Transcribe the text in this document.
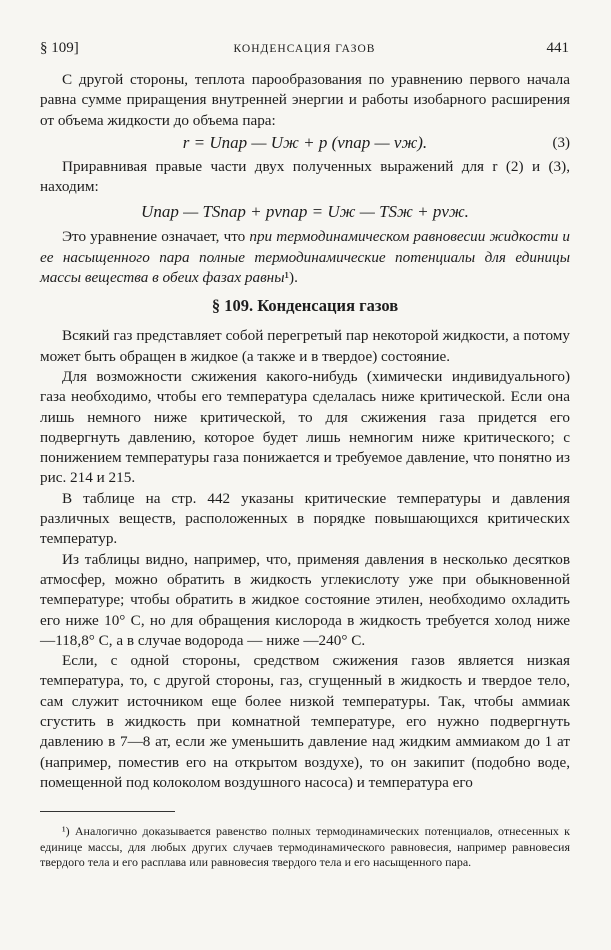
§ 109]	КОНДЕНСАЦИЯ ГАЗОВ	441

С другой стороны, теплота парообразования по уравнению первого начала равна сумме приращения внутренней энергии и работы изобарного расширения от объема жидкости до объема пара:

r = Uпар — Uж + p (vпар — vж).	(3)

Приравнивая правые части двух полученных выражений для r (2) и (3), находим:

Uпар — TSпар + pvпар = Uж — TSж + pvж.

Это уравнение означает, что при термодинамическом равновесии жидкости и ее насыщенного пара полные термодинамические потенциалы для единицы массы вещества в обеих фазах равны¹).

§ 109. Конденсация газов

Всякий газ представляет собой перегретый пар некоторой жидкости, а потому может быть обращен в жидкое (а также и в твердое) состояние.

Для возможности сжижения какого-нибудь (химически индивидуального) газа необходимо, чтобы его температура сделалась ниже критической. Если она лишь немного ниже критической, то для сжижения газа придется его подвергнуть давлению, которое будет лишь немногим ниже критического; с понижением температуры газа понижается и требуемое давление, что понятно из рис. 214 и 215.

В таблице на стр. 442 указаны критические температуры и давления различных веществ, расположенных в порядке повышающихся критических температур.

Из таблицы видно, например, что, применяя давления в несколько десятков атмосфер, можно обратить в жидкость углекислоту уже при обыкновенной температуре; чтобы обратить в жидкое состояние этилен, необходимо охладить его ниже 10° С, но для обращения кислорода в жидкость требуется холод ниже —118,8° С, а в случае водорода — ниже —240° С.

Если, с одной стороны, средством сжижения газов является низкая температура, то, с другой стороны, газ, сгущенный в жидкость и твердое тело, сам служит источником еще более низкой температуры. Так, чтобы аммиак сгустить в жидкость при комнатной температуре, его нужно подвергнуть давлению в 7—8 ат, если же уменьшить давление над жидким аммиаком до 1 ат (например, поместив его на открытом воздухе), то он закипит (подобно воде, помещенной под колоколом воздушного насоса) и температура его

¹) Аналогично доказывается равенство полных термодинамических потенциалов, отнесенных к единице массы, для любых других случаев термодинамического равновесия, например равновесия твердого тела и его расплава или равновесия твердого тела и его насыщенного пара.
